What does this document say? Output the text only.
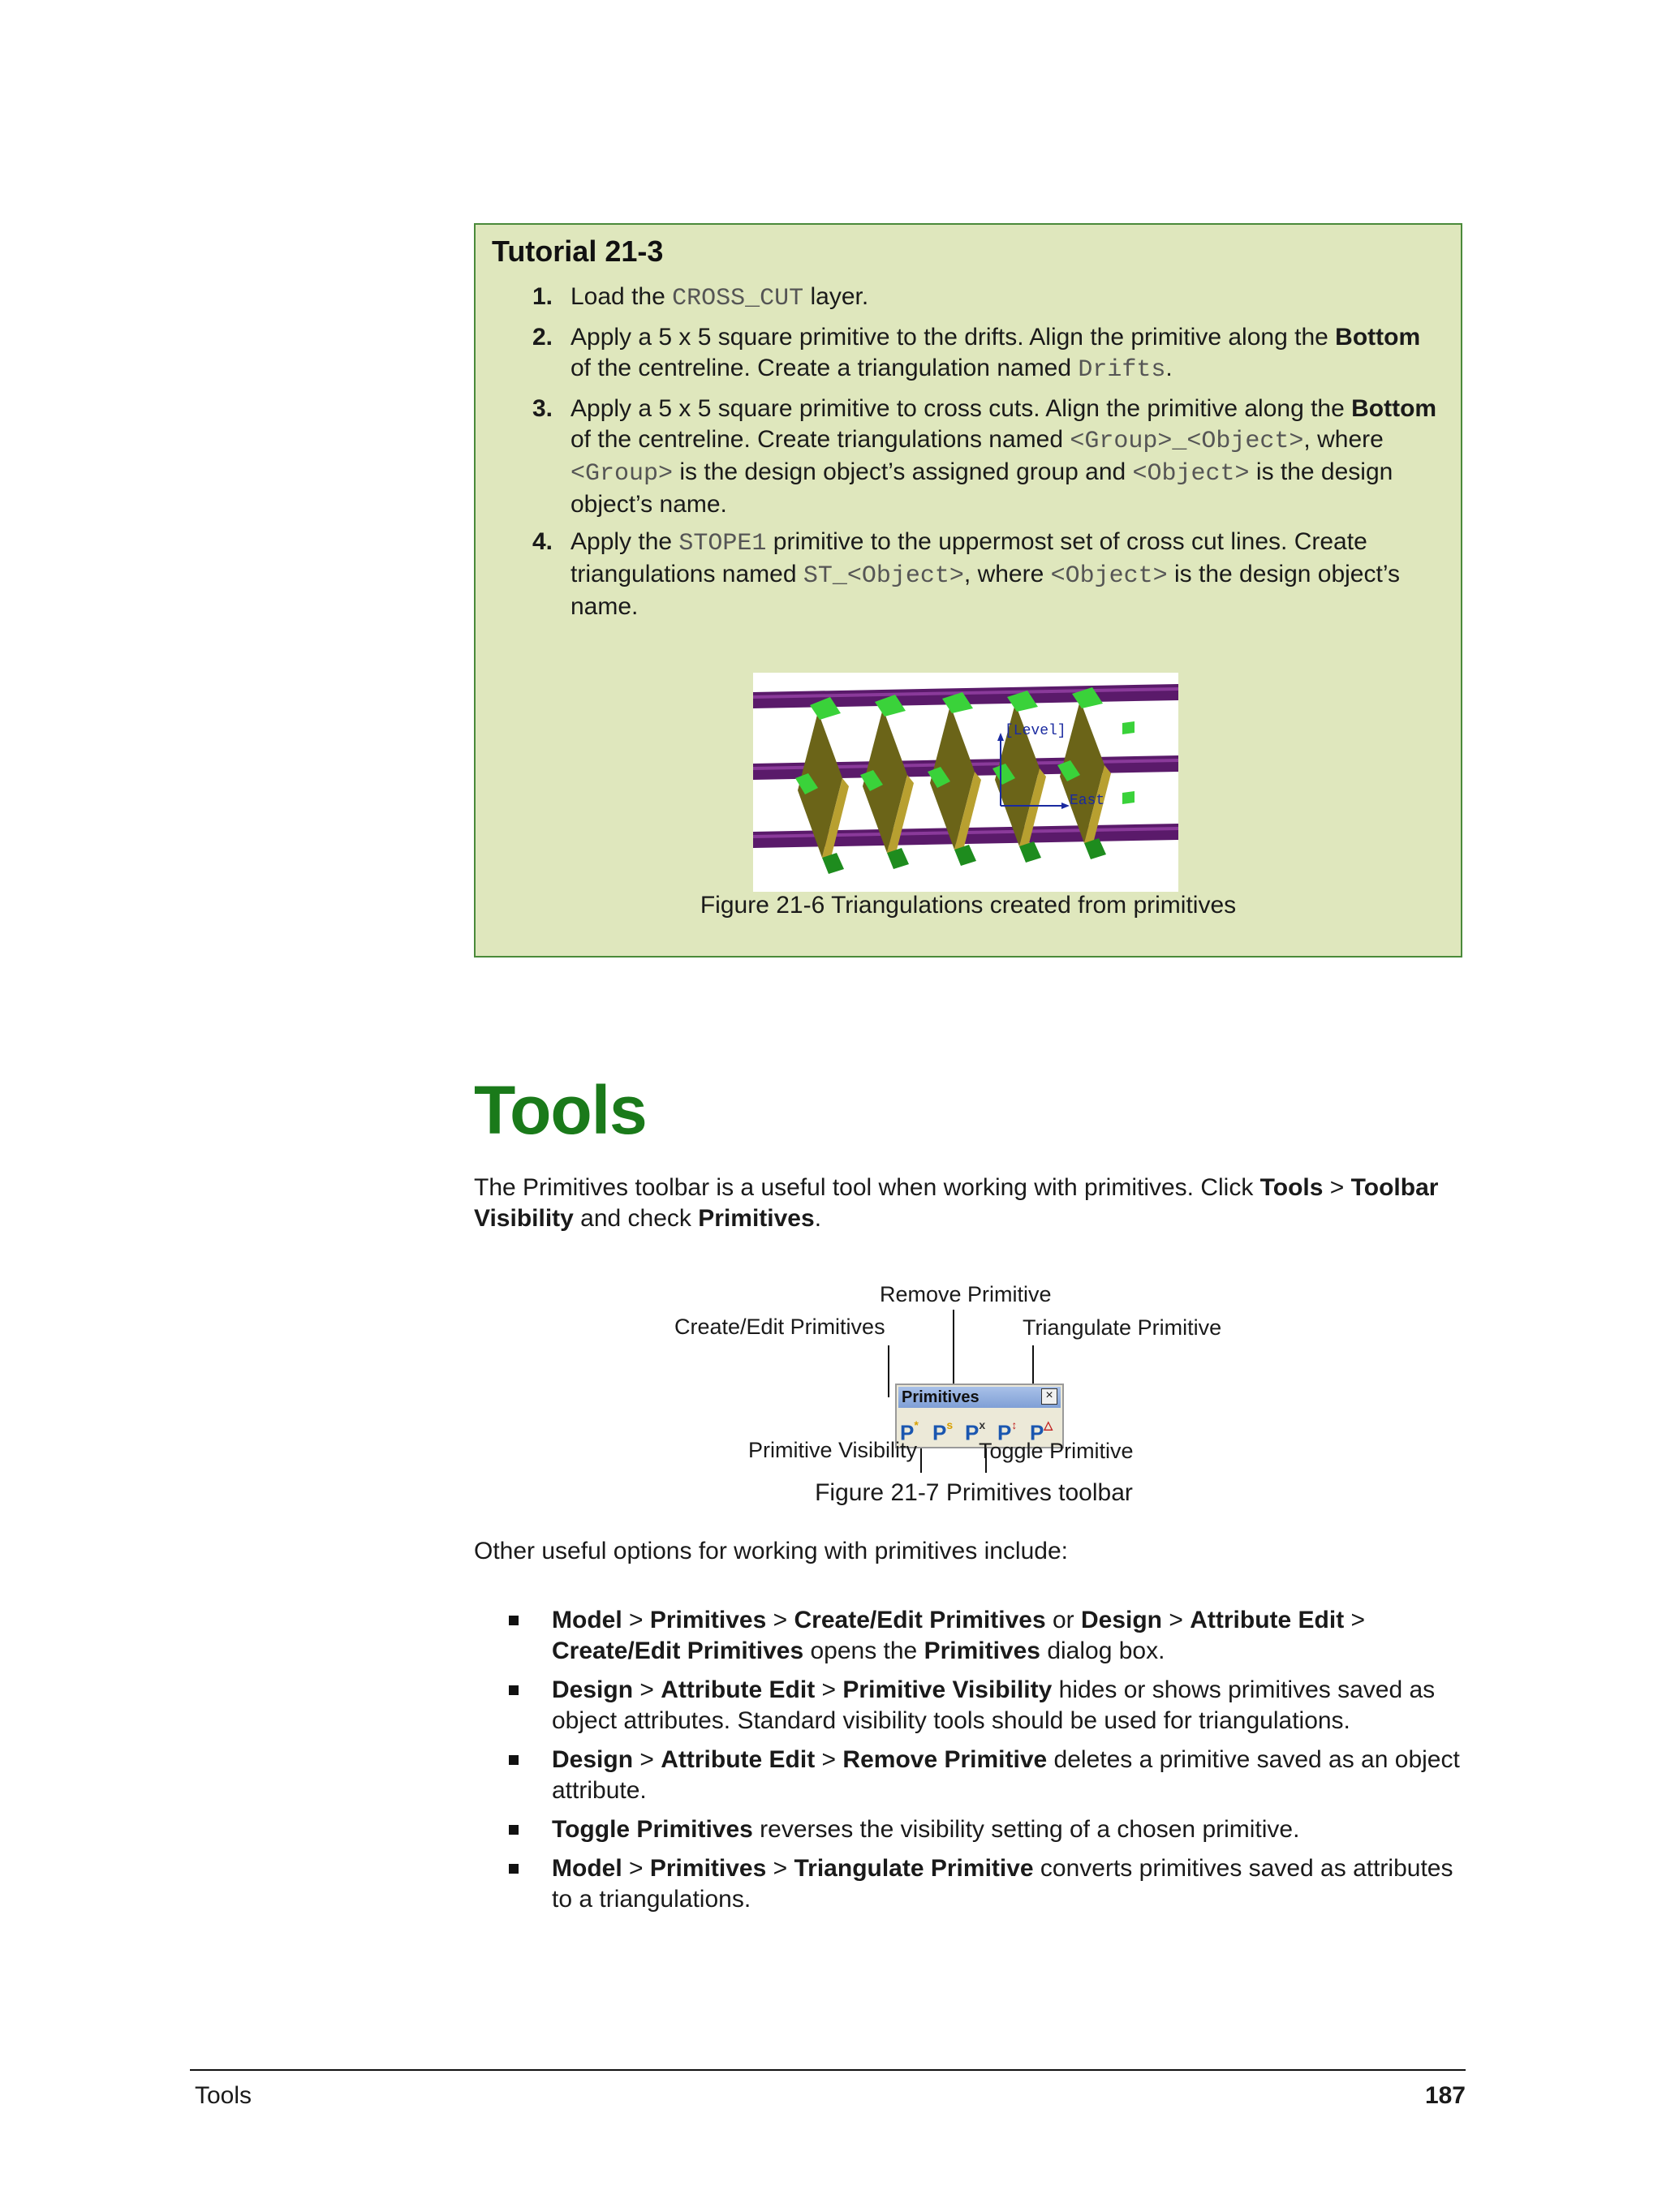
Tutorial 21-3
1. Load the CROSS_CUT layer.
2. Apply a 5 x 5 square primitive to the drifts. Align the primitive along the Bottom of the centreline. Create a triangulation named Drifts.
3. Apply a 5 x 5 square primitive to cross cuts. Align the primitive along the Bottom of the centreline. Create triangulations named <Group>_<Object>, where <Group> is the design object’s assigned group and <Object> is the design object’s name.
4. Apply the STOPE1 primitive to the uppermost set of cross cut lines. Create triangulations named ST_<Object>, where <Object> is the design object’s name.
[Level]
East
Figure 21-6 Triangulations created from primitives
Tools
The Primitives toolbar is a useful tool when working with primitives. Click Tools > Toolbar Visibility and check Primitives.
Remove Primitive
Create/Edit Primitives	Triangulate Primitive
Primitives	×
P* $P^s$ $P^x$ P↕ P△
Primitive Visibility	Toggle Primitive
Figure 21-7 Primitives toolbar
Other useful options for working with primitives include:
Model > Primitives > Create/Edit Primitives or Design > Attribute Edit > Create/Edit Primitives opens the Primitives dialog box.
Design > Attribute Edit > Primitive Visibility hides or shows primitives saved as object attributes. Standard visibility tools should be used for triangulations.
Design > Attribute Edit > Remove Primitive deletes a primitive saved as an object attribute.
Toggle Primitives reverses the visibility setting of a chosen primitive.
Model > Primitives > Triangulate Primitive converts primitives saved as attributes to a triangulations.
Tools	187
